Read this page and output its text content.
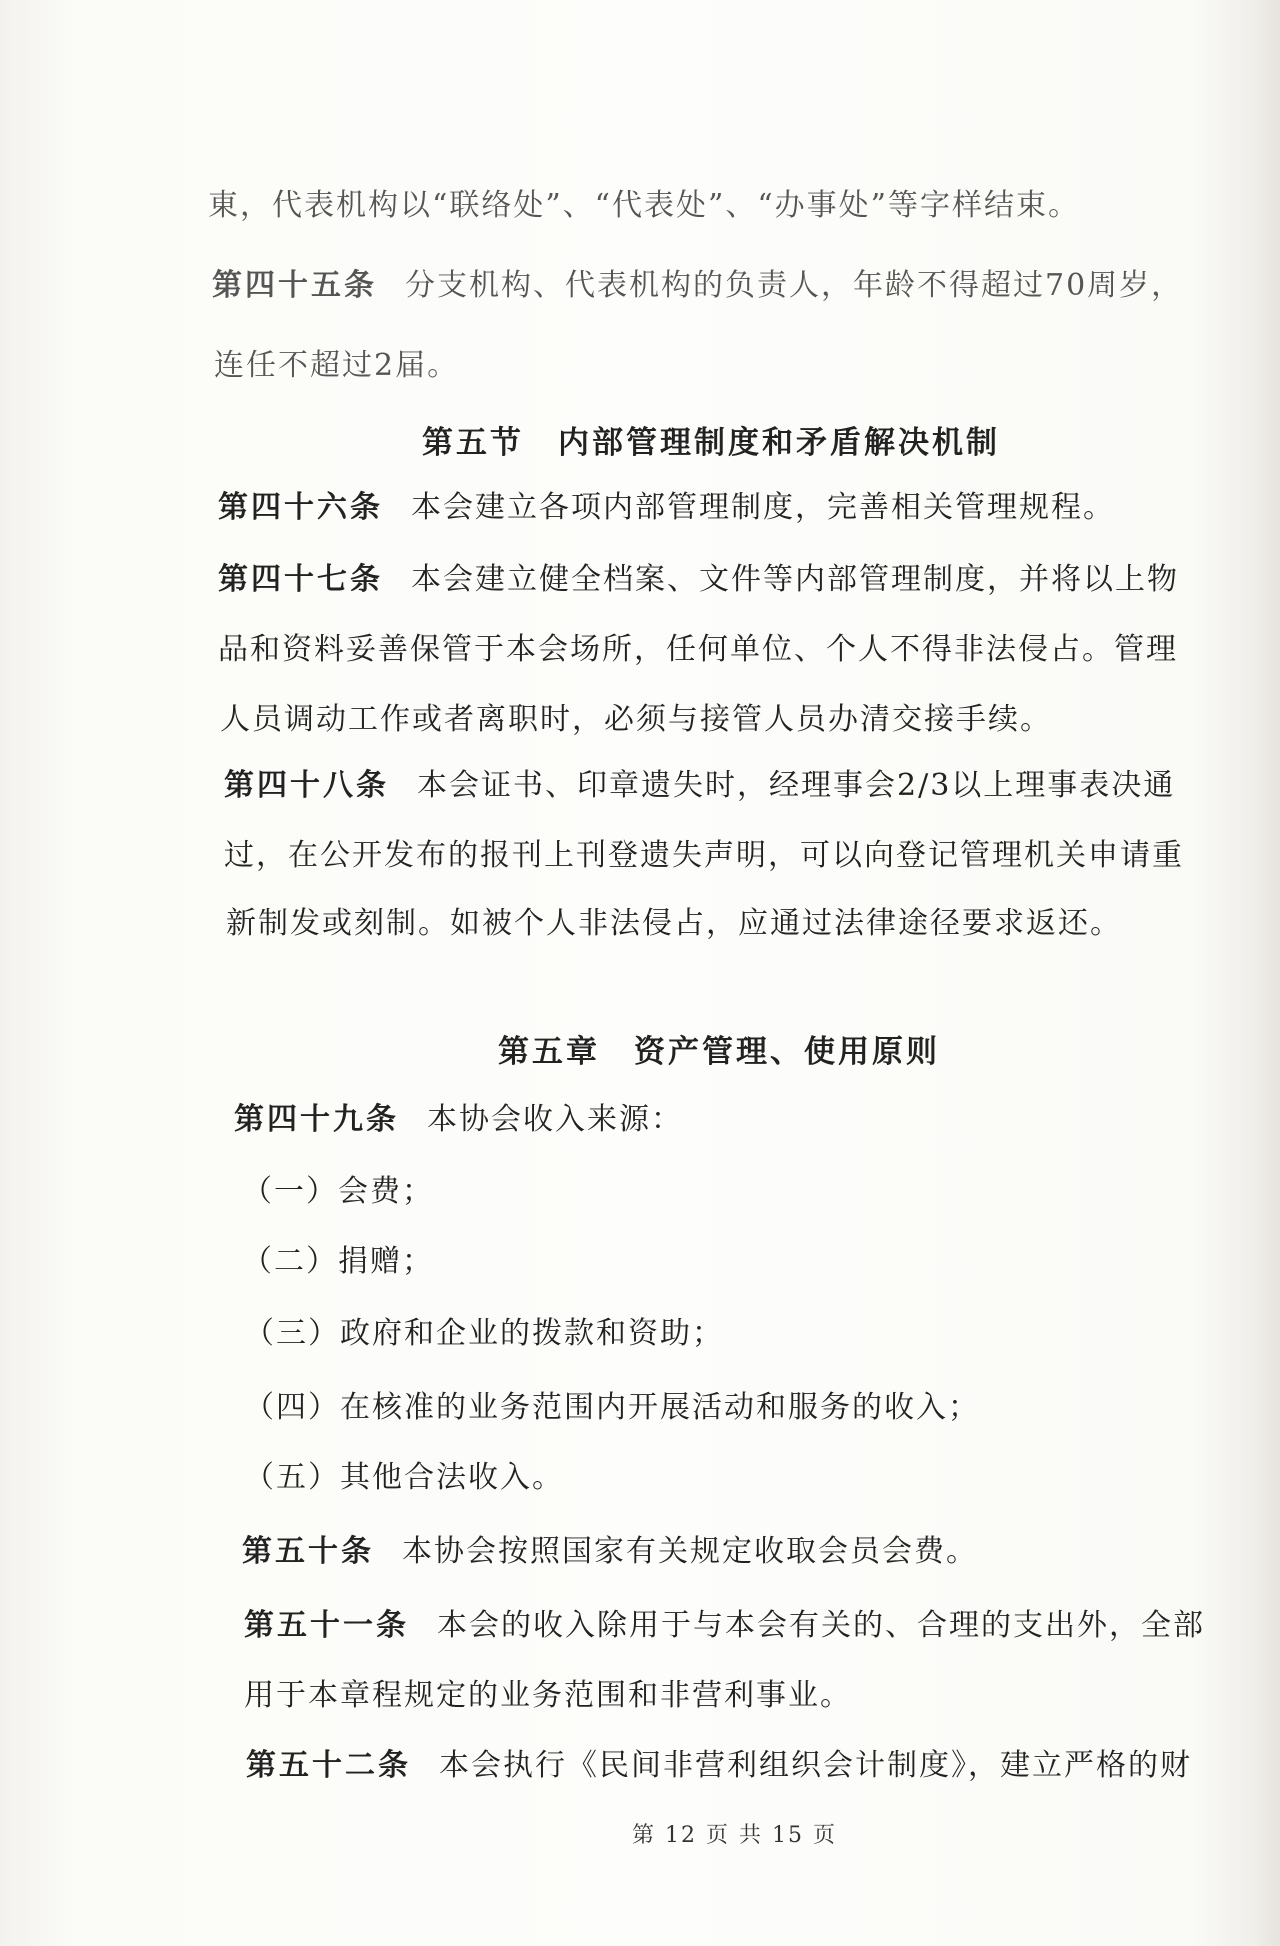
東，代表机构以“联络处”、“代表处”、“办事处”等字样结束。
第四十五条 分支机构、代表机构的负责人，年龄不得超过70周岁，
连任不超过2届。
第五节 内部管理制度和矛盾解决机制
第四十六条 本会建立各项内部管理制度，完善相关管理规程。
第四十七条 本会建立健全档案、文件等内部管理制度，并将以上物
品和资料妥善保管于本会场所，任何单位、个人不得非法侵占。管理
人员调动工作或者离职时，必须与接管人员办清交接手续。
第四十八条 本会证书、印章遗失时，经理事会2/3以上理事表决通
过，在公开发布的报刊上刊登遗失声明，可以向登记管理机关申请重
新制发或刻制。如被个人非法侵占，应通过法律途径要求返还。
第五章 资产管理、使用原则
第四十九条 本协会收入来源：
（一）会费；
（二）捐赠；
（三）政府和企业的拨款和资助；
（四）在核准的业务范围内开展活动和服务的收入；
（五）其他合法收入。
第五十条 本协会按照国家有关规定收取会员会费。
第五十一条 本会的收入除用于与本会有关的、合理的支出外，全部
用于本章程规定的业务范围和非营利事业。
第五十二条 本会执行《民间非营利组织会计制度》，建立严格的财
第 12 页 共 15 页
